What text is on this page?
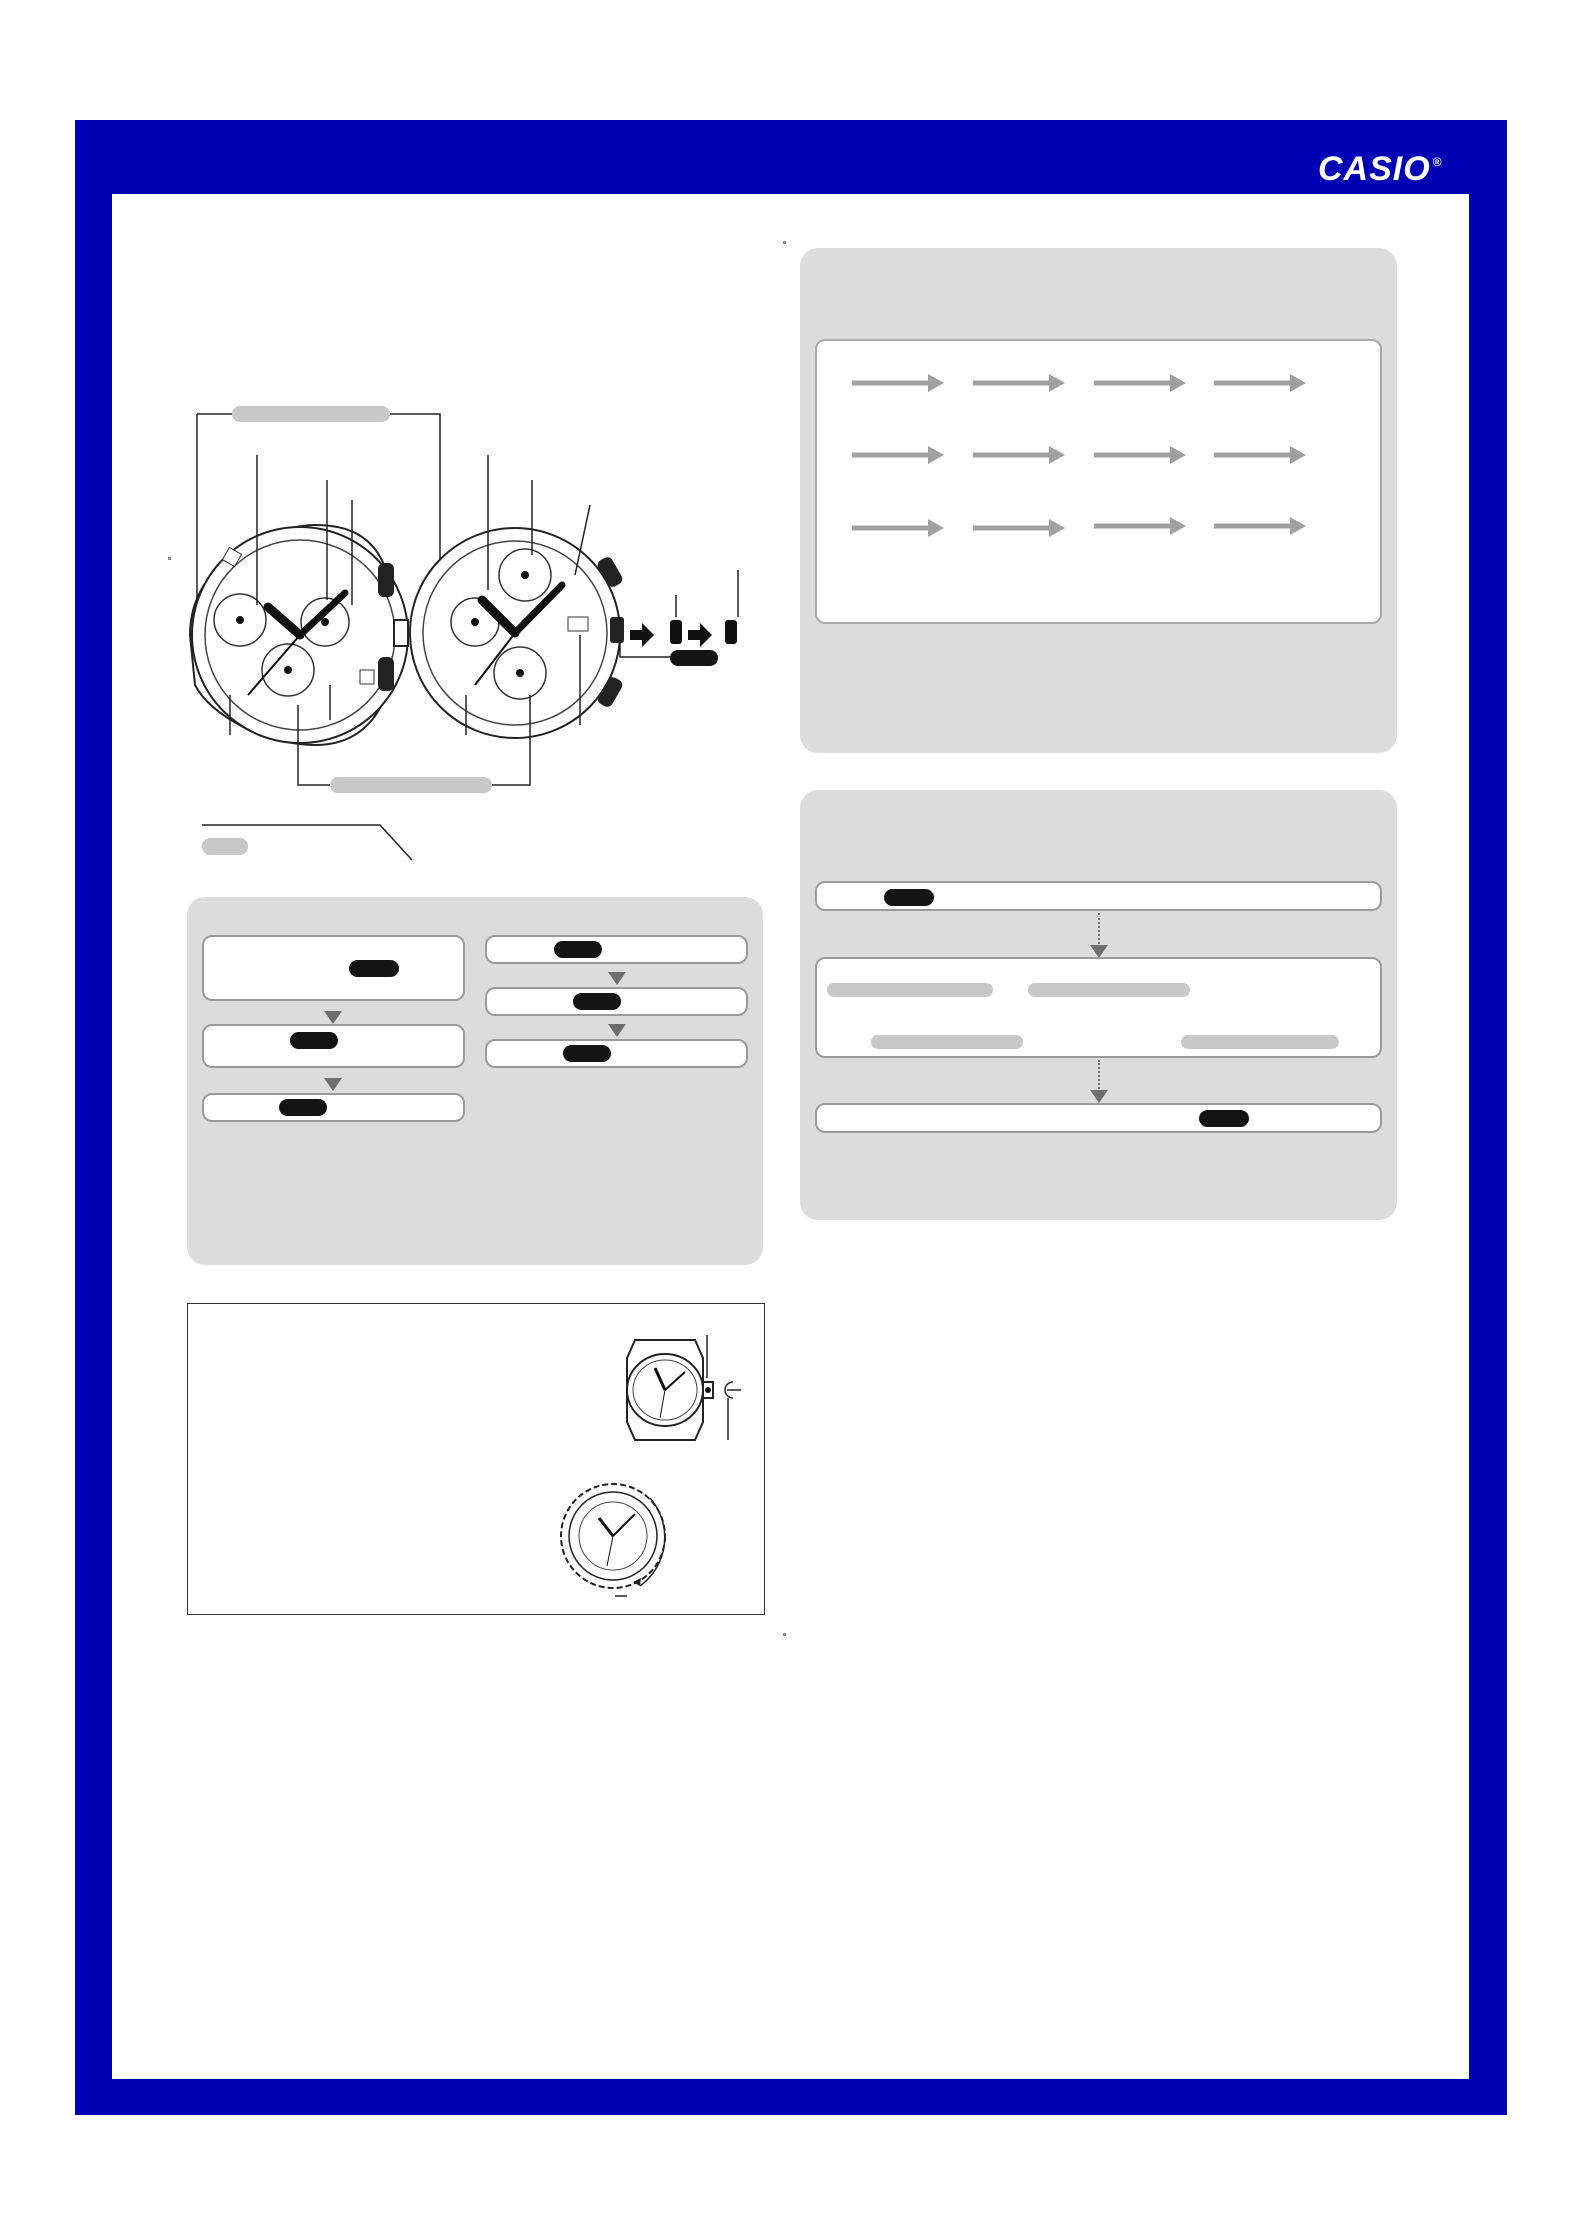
CASIO ®
